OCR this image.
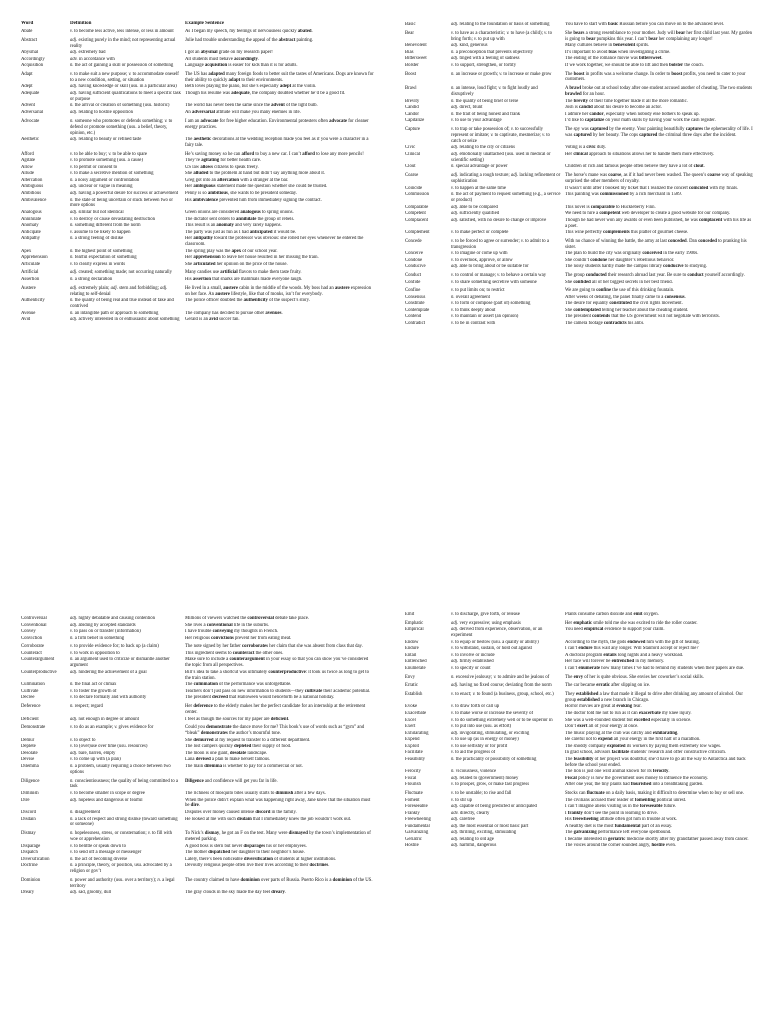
Word	Definition	Example Sentence
Abate	v. to become less active, less intense, or less in amount	As I began my speech, my feelings of nervousness quickly abated.
Abstract	adj. existing purely in the mind; not representing actual reality	Julie had trouble understanding the appeal of the abstract painting.
Abysmal	adj. extremely bad	I got an abysmal grade on my research paper!
Accordingly	adv. in accordance with	All students must behave accordingly.
Acquisition	n. the act of gaining a skill or possession of something	Language acquisition is easier for kids than it is for adults.
Adapt	v. to make suit a new purpose; v. to accommodate oneself to a new condition, setting, or situation	The US has adapted many foreign foods to better suit the tastes of Americans. Dogs are known for their ability to quickly adapt to their environments.
Adept	adj. having knowledge or skill (usu. in a particular area)	Beth loves playing the piano, but she’s especially adept at the violin.
Adequate	adj. having sufficient qualifications to meet a specific task or purpose	Though his resume was adequate, the company doubted whether he’d be a good fit.
Advent	n. the arrival or creation of something (usu. historic)	The world has never been the same since the advent of the light bulb.
Adversarial	adj. relating to hostile opposition	An adversarial attitude will make you many enemies in life.
Advocate	n. someone who promotes or defends something; v. to defend or promote something (usu. a belief, theory, opinion, etc.)	I am an advocate for free higher education. Environmental protesters often advocate for cleaner energy practices.
Aesthetic	adj. relating to beauty or refined taste	The aesthetic decorations at the wedding reception made you feel as if you were a character in a fairy tale.
Afford	v. to be able to buy; v. to be able to spare	He’s saving money so he can afford to buy a new car. I can’t afford to lose any more pencils!
Agitate	v. to promote something (usu. a cause)	They’re agitating for better health care.
Allow	v. to permit or consent to	US law allows citizens to speak freely.
Allude	v. to make a secretive mention of something	She alluded to the problem at hand but didn’t say anything more about it.
Altercation	n. a noisy argument or confrontation	Greg got into an altercation with a stranger at the bar.
Ambiguous	adj. unclear or vague in meaning	Her ambiguous statement made me question whether she could be trusted.
Ambitious	adj. having a powerful desire for success or achievement	Penny is so ambitious, she wants to be president someday.
Ambivalence	n. the state of being uncertain or stuck between two or more options	His ambivalence prevented him from immediately signing the contract.
Analogous	adj. similar but not identical	Green onions are considered analogous to spring onions.
Annihilate	v. to destroy or cause devastating destruction	The dictator sent orders to annihilate the group of rebels.
Anomaly	n. something different from the norm	This result is an anomaly and very rarely happens.
Anticipate	v. assume to be likely to happen	The party was just as fun as I had anticipated it would be.
Antipathy	n. a strong feeling of dislike	Her antipathy toward the professor was obvious: she rolled her eyes whenever he entered the classroom.
Apex	n. the highest point of something	The spring play was the apex of our school year.
Apprehension	n. fearful expectation of something	Her apprehension to leave her house resulted in her missing the train.
Articulate	v. to clearly express in words	She articulated her opinion on the price of the house.
Artificial	adj. created; something made; not occurring naturally	Many candies use artificial flavors to make them taste fruity.
Assertion	n. a strong declaration	His assertion that sharks are mammals made everyone laugh.
Austere	adj. extremely plain; adj. stern and forbidding; adj. relating to self-denial	He lived in a small, austere cabin in the middle of the woods. My boss had an austere expression on her face. An austere lifestyle, like that of monks, isn’t for everybody.
Authenticity	n. the quality of being real and true instead of fake and contrived	The police officer doubted the authenticity of the suspect’s story.
Avenue	n. an intangible path or approach to something	The company has decided to pursue other avenues.
Avid	adj. actively interested in or enthusiastic about something	Gerald is an avid soccer fan.
Basic	adj. relating to the foundation or basis of something	You have to start with basic Russian before you can move on to the advanced level.
Bear	v. to have as a characteristic; v. to have (a child); v. to bring forth; v. to put up with	She bears a strong resemblance to your mother. Judy will bear her first child last year. My garden is going to bear pumpkins this year. I can’t bear her complaining any longer!
Benevolent	adj. kind, generous	Many cultures believe in benevolent spirits.
Bias	n. a preconception that prevents objectivity	It’s important to avoid bias when investigating a crime.
Bittersweet	adj. tinged with a feeling of sadness	The ending of the romance movie was bittersweet.
Bolster	v. to support, strengthen, or fortify	If we work together, we should be able to lift and then bolster the couch.
Boost	n. an increase or growth; v. to increase or make grow	The boost in profits was a welcome change. In order to boost profits, you need to cater to your customers.
Brawl	n. an intense, loud fight; v. to fight loudly and disruptively	A brawl broke out at school today after one student accused another of cheating. The two students brawled for an hour.
Brevity	n. the quality of being brief or terse	The brevity of their time together made it all the more romantic.
Candid	adj. direct, blunt	Josh is candid about his desire to become an actor.
Candor	n. the trait of being honest and frank	I admire her candor, especially when nobody else bothers to speak up.
Capitalize	v. to use to your advantage	I’d like to capitalize on your math skills by having your work the cash register.
Capture	v. to trap or take possession of; v. to successfully represent or imitate; v. to captivate, mesmerize; v. to catch or seize	The spy was captured by the enemy. Your painting beautifully captures the ephemerality of life. I was captured by her beauty. The cops captured the criminal three days after the incident.
Civic	adj. relating to the city or citizens	Voting is a civic duty.
Clinical	adj. emotionally unattached (usu. used in medical or scientific setting)	Her clinical approach to situations allows her to handle them more effectively.
Clout	n. special advantage or power	Children of rich and famous people often believe they have a lot of clout.
Coarse	adj. indicating a rough texture; adj. lacking refinement or sophistication	The horse’s mane was coarse, as if it had never been washed. The queen’s coarse way of speaking surprised the other members of royalty.
Coincide	v. to happen at the same time	It wasn’t until after I booked my ticket that I realized the concert coincided with my finals.
Commission	n. the act of payment to request something (e.g., a service or product)	This painting was commissioned by a rich merchant in 1589.
Comparable	adj. able to be compared	This novel is comparable to Huckleberry Finn.
Competent	adj. sufficiently qualified	We need to hire a competent web developer to create a good website for our company.
Complacent	adj. satisfied, with no desire to change or improve	Though he had never won any awards or even been published, he was complacent with his life as a poet.
Complement	v. to make perfect or complete	This wine perfectly complements this platter of gourmet cheese.
Concede	v. to be forced to agree or surrender; v. to admit to a transgression	With no chance of winning the battle, the army at last conceded. Dan conceded to pranking his sister.
Conceive	v. to imagine or come up with	The plan to build the city was originally conceived in the early 1900s.
Condone	v. to overlook, approve, or allow	She couldn’t condone her daughter’s rebellious behavior.
Conducive	adj. able to bring about or be suitable for	The noisy students hardly made the campus library conducive to studying.
Conduct	v. to control or manage; v. to behave a certain way	The group conducted their research abroad last year. Be sure to conduct yourself accordingly.
Confide	v. to share something secretive with someone	She confided all of her biggest secrets in her best friend.
Confine	v. to put limits on; to restrict	We are going to confine the use of this drinking fountain.
Consensus	n. overall agreement	After weeks of debating, the panel finally came to a consensus.
Constitute	v. to form or compose (part of) something	The desire for equality constituted the civil rights movement.
Contemplate	v. to think deeply about	She contemplated telling her teacher about the cheating student.
Contend	v. to maintain or assert (an opinion)	The president contends that the US government will not negotiate with terrorists.
Contradict	v. to be in contrast with	The camera footage contradicts his alibi.
Controversial	adj. highly debatable and causing contention	Millions of viewers watched the controversial debate take place.
Conventional	adj. abiding by accepted standards	She lives a conventional life in the suburbs.
Convey	v. to pass on or transfer (information)	I have trouble conveying my thoughts in French.
Conviction	n. a firm belief in something	Her religious convictions prevent her from eating meat.
Corroborate	v. to provide evidence for; to back up (a claim)	The note signed by her father corroborates her claim that she was absent from class that day.
Counteract	v. to work in opposition to	This ingredient seems to counteract the other ones.
Counterargument	n. an argument used to criticize or dismantle another argument	Make sure to include a counterargument in your essay so that you can show you’ve considered the topic from all perspectives.
Counterproductive	adj. hindering the achievement of a goal	Bill’s idea to take a shortcut was ultimately counterproductive: it took us twice as long to get to the train station.
Culmination	n. the final act or climax	The culmination of the performance was unforgettable.
Cultivate	v. to foster the growth of	Teachers don’t just pass on new information to students—they cultivate their academic potential.
Decree	v. to declare formally and with authority	The president decreed that Halloween would henceforth be a national holiday.
Deference	n. respect; regard	Her deference to the elderly makes her the perfect candidate for an internship at the retirement center.
Deficient	adj. not enough in degree or amount	I feel as though the sources for my paper are deficient.
Demonstrate	v. to do as an example; v. gives evidence for	Could you demonstrate the dance move for me? This book’s use of words such as “gym” and “bleak” demonstrates the author’s mournful tone.
Demur	v. to object to	She demurred at my request to transfer to a different department.
Deplete	v. to (over)use over time (usu. resources)	The lost campers quickly depleted their supply of food.
Desolate	adj. bare, barren, empty	The moon is one giant, desolate landscape.
Devise	v. to come up with (a plan)	Lana devised a plan to make herself famous.
Dilemma	n. a problem, usually requiring a choice between two options	The main dilemma is whether to pay for a commercial or not.
Diligence	n. conscientiousness; the quality of being committed to a task	Diligence and confidence will get you far in life.
Diminish	v. to become smaller in scope or degree	The richness of mosquito bites usually starts to diminish after a few days.
Dire	adj. hopeless and dangerous or fearful	When the police didn’t explain what was happening right away, Jane knew that the situation must be dire.
Discord	n. disagreement	Disputes over money caused intense discord in the family.
Disdain	n. a lack of respect and strong dislike (toward something or someone)	He looked at me with such disdain that I immediately knew the job wouldn’t work out.
Dismay	n. hopelessness, stress, or consternation; v. to fill with woe or apprehension	To Nick’s dismay, he got an F on the test. Many were dismayed by the town’s implementation of metered parking.
Disparage	v. to belittle or speak down to	A good boss is stern but never disparages his or her employees.
Dispatch	v. to send off a message or messenger	The mother dispatched her daughter to their neighbor’s house.
Diversification	n. the act of becoming diverse	Lately, there’s been noticeable diversification of students at higher institutions.
Doctrine	n. a principle, theory, or position, usu. advocated by a religion or gov’t	Devoutly religious people often live their lives according to their doctrines.
Dominion	n. power and authority (usu. over a territory); n. a legal territory	The country claimed to have dominion over parts of Russia. Puerto Rico is a dominion of the US.
Dreary	adj. sad, gloomy, dull	The gray clouds in the sky made the day feel dreary.
Emit	v. to discharge, give forth, or release	Plants consume carbon dioxide and emit oxygen.
Emphatic	adj. very expressive; using emphasis	Her emphatic smile told me she was excited to ride the roller coaster.
Empirical	adj. derived from experience, observation, or an experiment	You need empirical evidence to support your claim.
Endow	v. to equip or bestow (usu. a quality or ability)	According to the myth, the gods endowed him with the gift of healing.
Endure	v. to withstand, sustain, or hold out against	I can’t endure this wait any longer. Will Stanford accept or reject me?
Entail	v. to involve or include	A doctoral program entails long nights and a heavy workload.
Entrenched	adj. firmly established	Her face will forever be entrenched in my memory.
Enumerate	v. to specify or count	I can’t enumerate how many times I’ve had to remind my students when their papers are due.
Envy	n. excessive jealousy; v. to admire and be jealous of	The envy of her is quite obvious. She envies her coworker’s social skills.
Erratic	adj. having no fixed course; deviating from the norm	The car became erratic after slipping on ice.
Establish	v. to enact; v. to found (a business, group, school, etc.)	They established a law that made it illegal to drive after drinking any amount of alcohol. Our group established a new branch in Chicago.
Evoke	v. to draw forth or call up	Horror movies are great at evoking fear.
Exacerbate	v. to make worse or increase the severity of	The doctor told me not to run as it can exacerbate my knee injury.
Excel	v. to do something extremely well or to be superior in	She was a well-rounded student but excelled especially in science.
Exert	v. to put into use (usu. as effort)	Don’t exert all of your energy at once.
Exhilarating	adj. invigorating, stimulating, or exciting	The music playing at the club was catchy and exhilarating.
Expend	v. to use up (as in energy or money)	Be careful not to expend all your energy in the first half of a marathon.
Exploit	v. to use selfishly or for profit	The shoddy company exploited its workers by paying them extremely low wages.
Facilitate	v. to aid the progress of	In grad school, advisors facilitate students’ research and offer constructive criticism.
Feasibility	n. the practicality or possibility of something	The feasibility of her project was doubtful; she’d have to go all the way to Antarctica and back before the school year ended.
Ferocity	n. viciousness, violence	The lion is just one wild animal known for its ferocity.
Fiscal	adj. related to (government) money	Fiscal policy is how the government uses money to influence the economy.
Flourish	v. to prosper, grow, or make fast progress	After one year, the tiny plants had flourished into a breathtaking garden.
Fluctuate	v. to be unstable; to rise and fall	Stocks can fluctuate on a daily basis, making it difficult to determine when to buy or sell one.
Foment	v. to stir up	The civilians accused their leader of fomenting political unrest.
Foreseeable	adj. capable of being predicted or anticipated	I can’t imagine aliens visiting us in the foreseeable future.
Frankly	adv. directly, clearly	I frankly don’t see the point in learning to drive.
Freewheeling	adj. carefree	His freewheeling attitude often got him in trouble at work.
Fundamental	adj. the most essential or most basic part	A healthy diet is the most fundamental part of an essay.
Galvanizing	adj. thrilling, exciting, stimulating	The galvanizing performance left everyone spellbound.
Geriatric	adj. relating to old age	I became interested in geriatric medicine shortly after my grandfather passed away from cancer.
Hostile	adj. harmful, dangerous	The voices around the corner sounded angry, hostile even.
